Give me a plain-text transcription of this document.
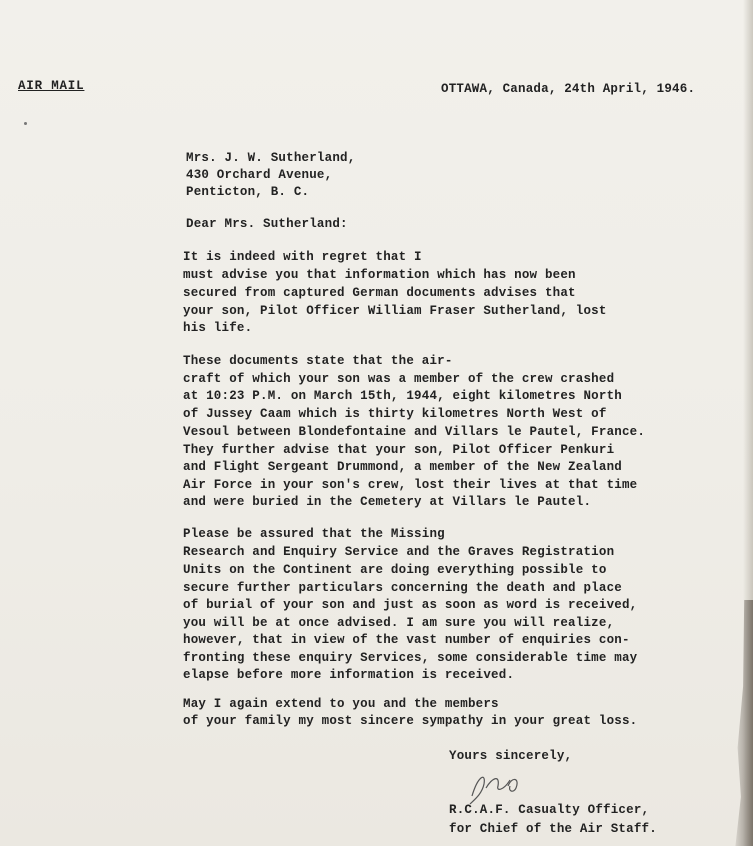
AIR MAIL	OTTAWA, Canada, 24th April, 1946.
Mrs. J. W. Sutherland,
430 Orchard Avenue,
Penticton, B. C.
Dear Mrs. Sutherland:
It is indeed with regret that I
must advise you that information which has now been
secured from captured German documents advises that
your son, Pilot Officer William Fraser Sutherland, lost
his life.
These documents state that the air-
craft of which your son was a member of the crew crashed
at 10:23 P.M. on March 15th, 1944, eight kilometres North
of Jussey Caam which is thirty kilometres North West of
Vesoul between Blondefontaine and Villars le Pautel, France.
They further advise that your son, Pilot Officer Penkuri
and Flight Sergeant Drummond, a member of the New Zealand
Air Force in your son's crew, lost their lives at that time
and were buried in the Cemetery at Villars le Pautel.
Please be assured that the Missing
Research and Enquiry Service and the Graves Registration
Units on the Continent are doing everything possible to
secure further particulars concerning the death and place
of burial of your son and just as soon as word is received,
you will be at once advised. I am sure you will realize,
however, that in view of the vast number of enquiries con-
fronting these enquiry Services, some considerable time may
elapse before more information is received.
May I again extend to you and the members
of your family my most sincere sympathy in your great loss.
Yours sincerely,
R.C.A.F. Casualty Officer,
for Chief of the Air Staff.
